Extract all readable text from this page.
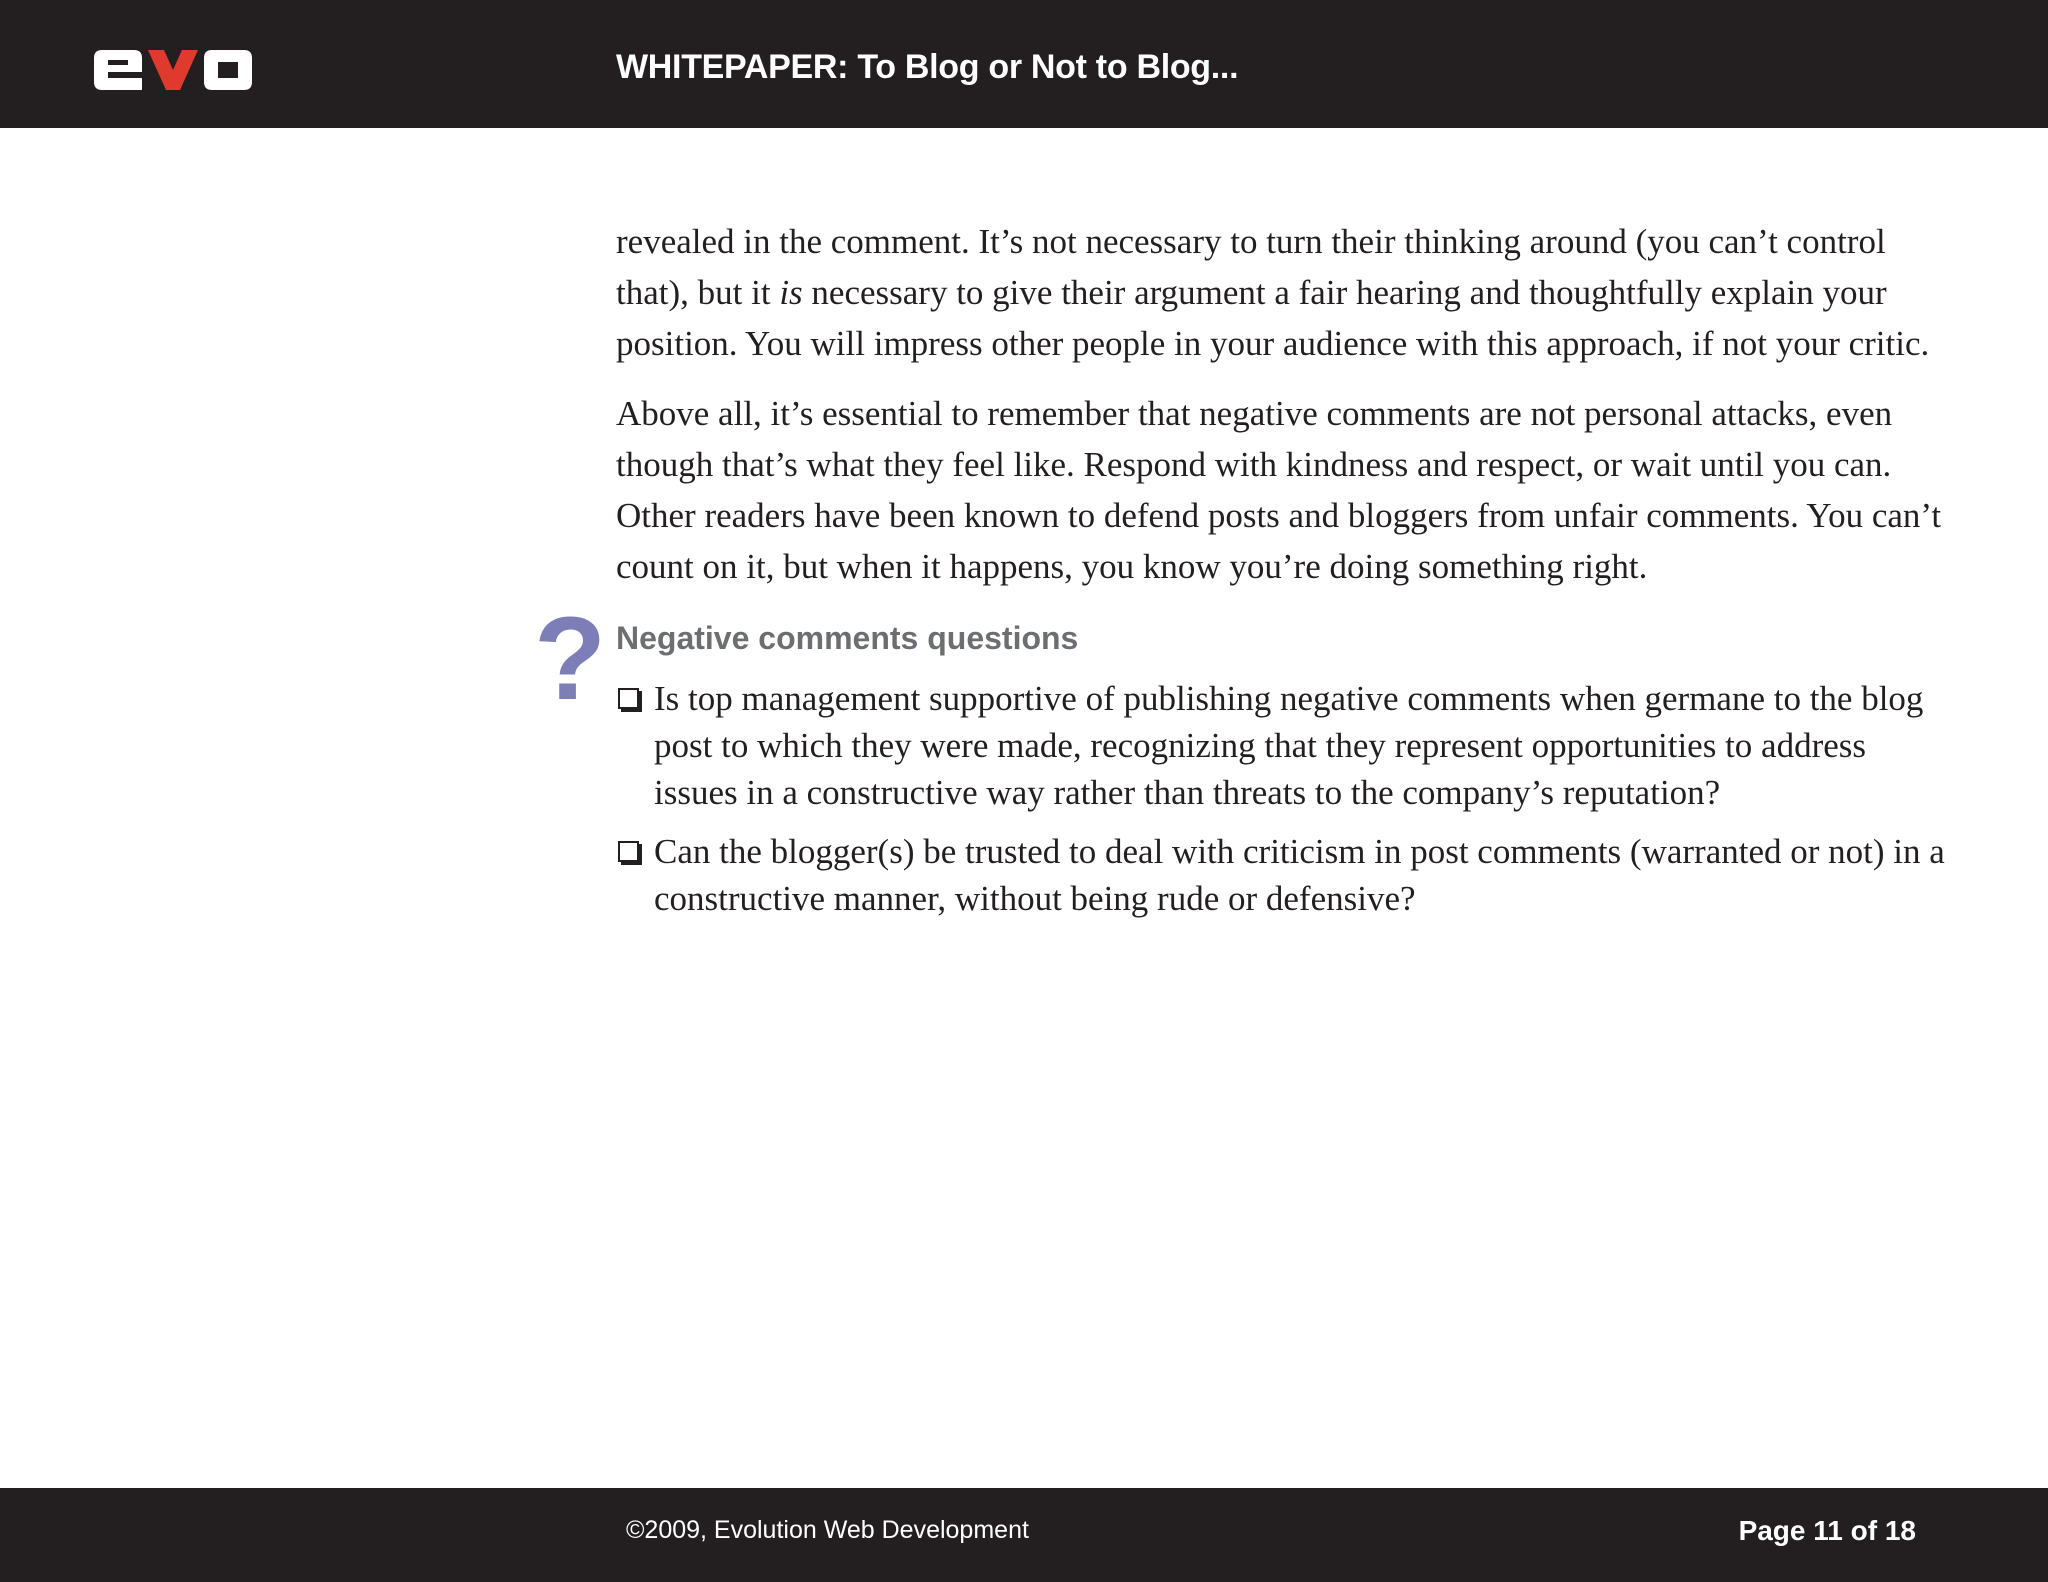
WHITEPAPER: To Blog or Not to Blog...

revealed in the comment. It’s not necessary to turn their thinking around (you can’t control that), but it is necessary to give their argument a fair hearing and thoughtfully explain your position. You will impress other people in your audience with this approach, if not your critic.

Above all, it’s essential to remember that negative comments are not personal attacks, even though that’s what they feel like. Respond with kindness and respect, or wait until you can. Other readers have been known to defend posts and bloggers from unfair comments. You can’t count on it, but when it happens, you know you’re doing something right.

? Negative comments questions
Is top management supportive of publishing negative comments when germane to the blog post to which they were made, recognizing that they represent opportunities to address issues in a constructive way rather than threats to the company’s reputation?
Can the blogger(s) be trusted to deal with criticism in post comments (warranted or not) in a constructive manner, without being rude or defensive?
©2009, Evolution Web Development	Page 11 of 18
